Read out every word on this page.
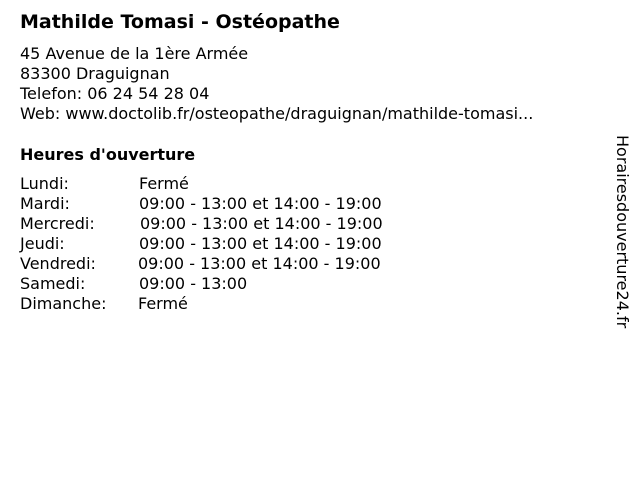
Mathilde Tomasi - Ostéopathe
45 Avenue de la 1ère Armée
83300 Draguignan
Telefon: 06 24 54 28 04
Web: www.doctolib.fr/osteopathe/draguignan/mathilde-tomasi...
Heures d'ouverture
Lundi:	Fermé
Mardi:	09:00 - 13:00 et 14:00 - 19:00
Mercredi:	09:00 - 13:00 et 14:00 - 19:00
Jeudi:	09:00 - 13:00 et 14:00 - 19:00
Vendredi:	09:00 - 13:00 et 14:00 - 19:00
Samedi:	09:00 - 13:00
Dimanche: Fermé	Horairesdouverture24.fr
